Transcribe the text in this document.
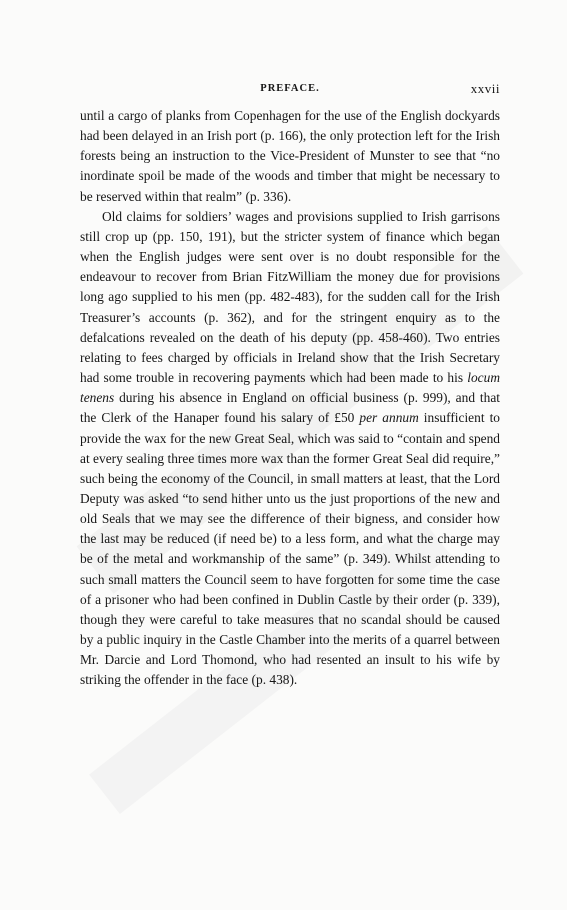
PREFACE.	xxvii

until a cargo of planks from Copenhagen for the use of the English dockyards had been delayed in an Irish port (p. 166), the only protection left for the Irish forests being an instruction to the Vice-President of Munster to see that “no inordinate spoil be made of the woods and timber that might be necessary to be reserved within that realm” (p. 336).

Old claims for soldiers’ wages and provisions supplied to Irish garrisons still crop up (pp. 150, 191), but the stricter system of finance which began when the English judges were sent over is no doubt responsible for the endeavour to recover from Brian FitzWilliam the money due for provisions long ago supplied to his men (pp. 482-483), for the sudden call for the Irish Treasurer’s accounts (p. 362), and for the stringent enquiry as to the defalcations revealed on the death of his deputy (pp. 458-460). Two entries relating to fees charged by officials in Ireland show that the Irish Secretary had some trouble in recovering payments which had been made to his locum tenens during his absence in England on official business (p. 999), and that the Clerk of the Hanaper found his salary of £50 per annum insufficient to provide the wax for the new Great Seal, which was said to “contain and spend at every sealing three times more wax than the former Great Seal did require,” such being the economy of the Council, in small matters at least, that the Lord Deputy was asked “to send hither unto us the just proportions of the new and old Seals that we may see the difference of their bigness, and consider how the last may be reduced (if need be) to a less form, and what the charge may be of the metal and workmanship of the same” (p. 349). Whilst attending to such small matters the Council seem to have forgotten for some time the case of a prisoner who had been confined in Dublin Castle by their order (p. 339), though they were careful to take measures that no scandal should be caused by a public inquiry in the Castle Chamber into the merits of a quarrel between Mr. Darcie and Lord Thomond, who had resented an insult to his wife by striking the offender in the face (p. 438).
